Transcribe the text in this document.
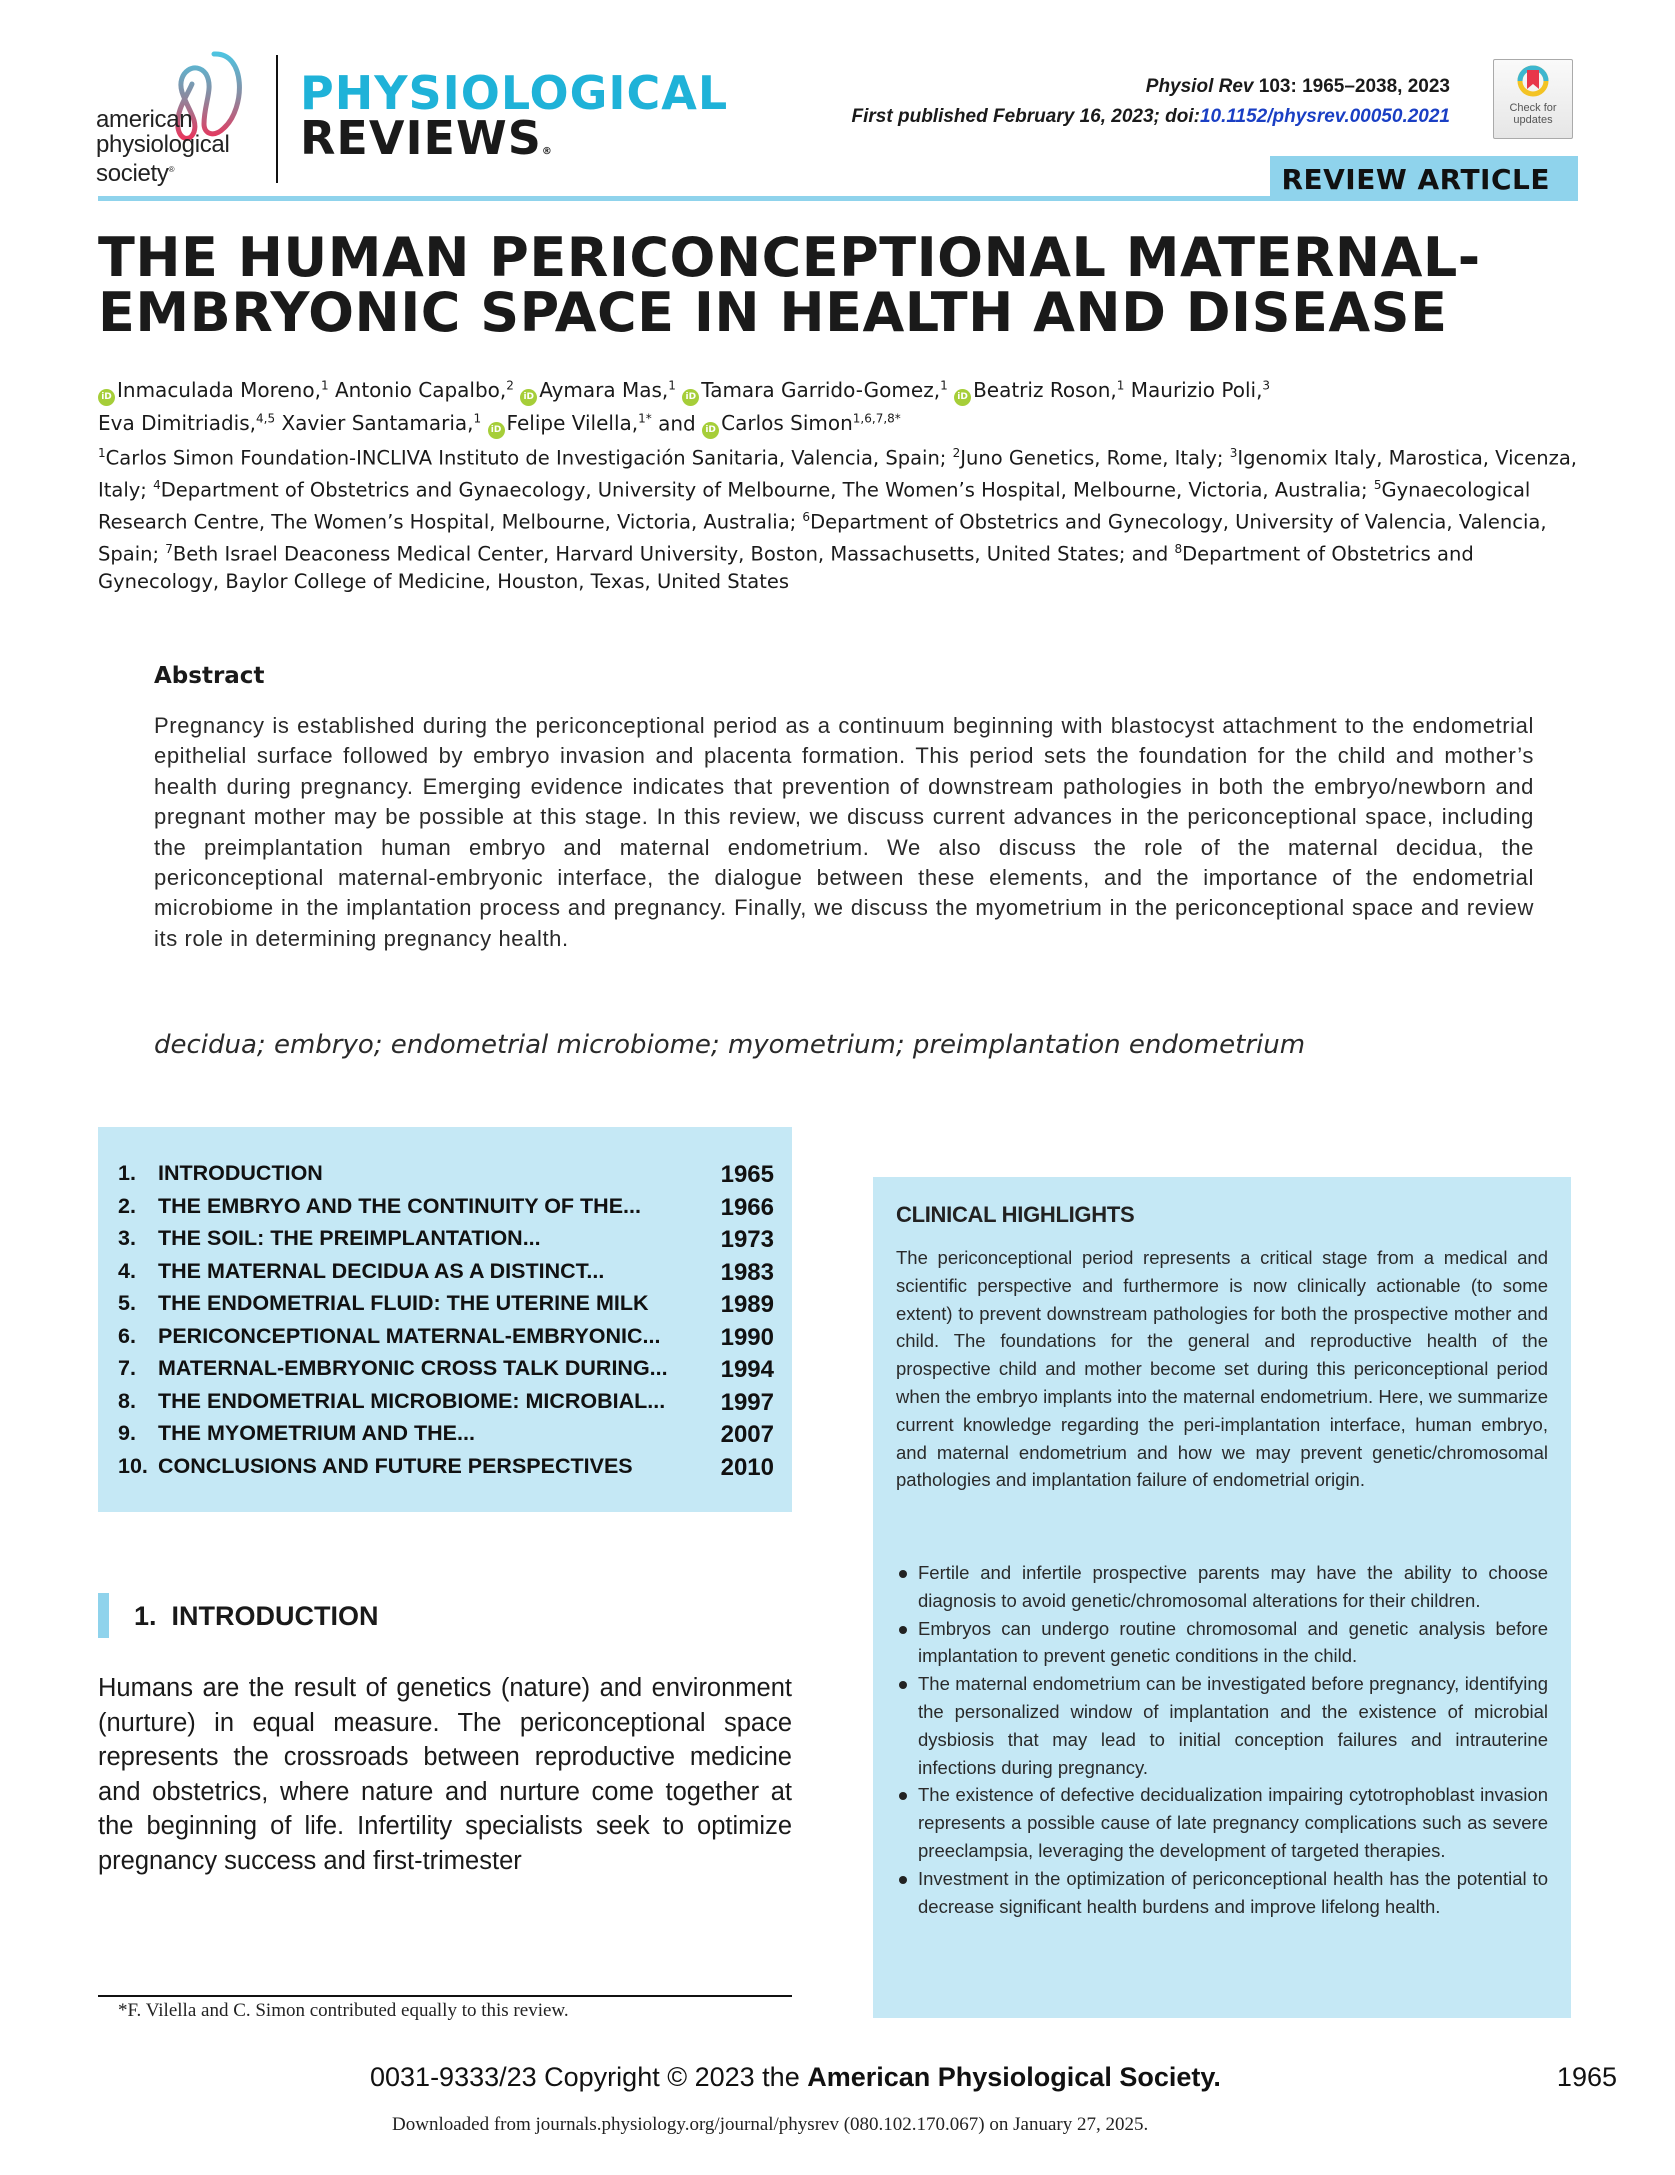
american
physiological
society®
PHYSIOLOGICAL
REVIEWS®
Physiol Rev 103: 1965–2038, 2023
First published February 16, 2023; doi:10.1152/physrev.00050.2021	Check for
updates
REVIEW ARTICLE
THE HUMAN PERICONCEPTIONAL MATERNAL-EMBRYONIC SPACE IN HEALTH AND DISEASE
iD Inmaculada Moreno,$^1$ Antonio Capalbo,$^2$ iD Aymara Mas,$^1$ iD Tamara Garrido-Gomez,$^1$ iD Beatriz Roson,$^1$ Maurizio Poli,$^3$
Eva Dimitriadis,$^{4,5}$ Xavier Santamaria,$^1$ iD Felipe Vilella,$^{1*}$ and iD Carlos Simon$^{1,6,7,8*}$
$^1$Carlos Simon Foundation-INCLIVA Instituto de Investigación Sanitaria, Valencia, Spain; $^2$Juno Genetics, Rome, Italy; $^3$Igenomix Italy, Marostica, Vicenza, Italy; $^4$Department of Obstetrics and Gynaecology, University of Melbourne, The Women’s Hospital, Melbourne, Victoria, Australia; $^5$Gynaecological Research Centre, The Women’s Hospital, Melbourne, Victoria, Australia; $^6$Department of Obstetrics and Gynecology, University of Valencia, Valencia, Spain; $^7$Beth Israel Deaconess Medical Center, Harvard University, Boston, Massachusetts, United States; and $^8$Department of Obstetrics and Gynecology, Baylor College of Medicine, Houston, Texas, United States
Abstract
Pregnancy is established during the periconceptional period as a continuum beginning with blastocyst attachment to the endometrial epithelial surface followed by embryo invasion and placenta formation. This period sets the foundation for the child and mother’s health during pregnancy. Emerging evidence indicates that prevention of downstream pathologies in both the embryo/newborn and pregnant mother may be possible at this stage. In this review, we discuss current advances in the periconceptional space, including the preimplantation human embryo and maternal endometrium. We also discuss the role of the maternal decidua, the periconceptional maternal-embryonic interface, the dialogue between these elements, and the importance of the endometrial microbiome in the implantation process and pregnancy. Finally, we discuss the myometrium in the periconceptional space and review its role in determining pregnancy health.
decidua; embryo; endometrial microbiome; myometrium; preimplantation endometrium
1. INTRODUCTION	1965
2. THE EMBRYO AND THE CONTINUITY OF THE...	1966
3. THE SOIL: THE PREIMPLANTATION...	1973
4. THE MATERNAL DECIDUA AS A DISTINCT...	1983
5. THE ENDOMETRIAL FLUID: THE UTERINE MILK	1989
6. PERICONCEPTIONAL MATERNAL-EMBRYONIC...	1990
7. MATERNAL-EMBRYONIC CROSS TALK DURING... 1994
8. THE ENDOMETRIAL MICROBIOME: MICROBIAL... 1997
9. THE MYOMETRIUM AND THE...	2007
10. CONCLUSIONS AND FUTURE PERSPECTIVES	2010
1.  INTRODUCTION

Humans are the result of genetics (nature) and environment (nurture) in equal measure. The periconceptional space represents the crossroads between reproductive medicine and obstetrics, where nature and nurture come together at the beginning of life. Infertility specialists seek to optimize pregnancy success and first-trimester

*F. Vilella and C. Simon contributed equally to this review.
CLINICAL HIGHLIGHTS
The periconceptional period represents a critical stage from a medical and scientific perspective and furthermore is now clinically actionable (to some extent) to prevent downstream pathologies for both the prospective mother and child. The foundations for the general and reproductive health of the prospective child and mother become set during this periconceptional period when the embryo implants into the maternal endometrium. Here, we summarize current knowledge regarding the peri-implantation interface, human embryo, and maternal endometrium and how we may prevent genetic/chromosomal pathologies and implantation failure of endometrial origin.
Fertile and infertile prospective parents may have the ability to choose diagnosis to avoid genetic/chromosomal alterations for their children.
Embryos can undergo routine chromosomal and genetic analysis before implantation to prevent genetic conditions in the child.
The maternal endometrium can be investigated before pregnancy, identifying the personalized window of implantation and the existence of microbial dysbiosis that may lead to initial conception failures and intrauterine infections during pregnancy.
The existence of defective decidualization impairing cytotrophoblast invasion represents a possible cause of late pregnancy complications such as severe preeclampsia, leveraging the development of targeted therapies.
Investment in the optimization of periconceptional health has the potential to decrease significant health burdens and improve lifelong health.
0031-9333/23 Copyright © 2023 the American Physiological Society.	1965
Downloaded from journals.physiology.org/journal/physrev (080.102.170.067) on January 27, 2025.
